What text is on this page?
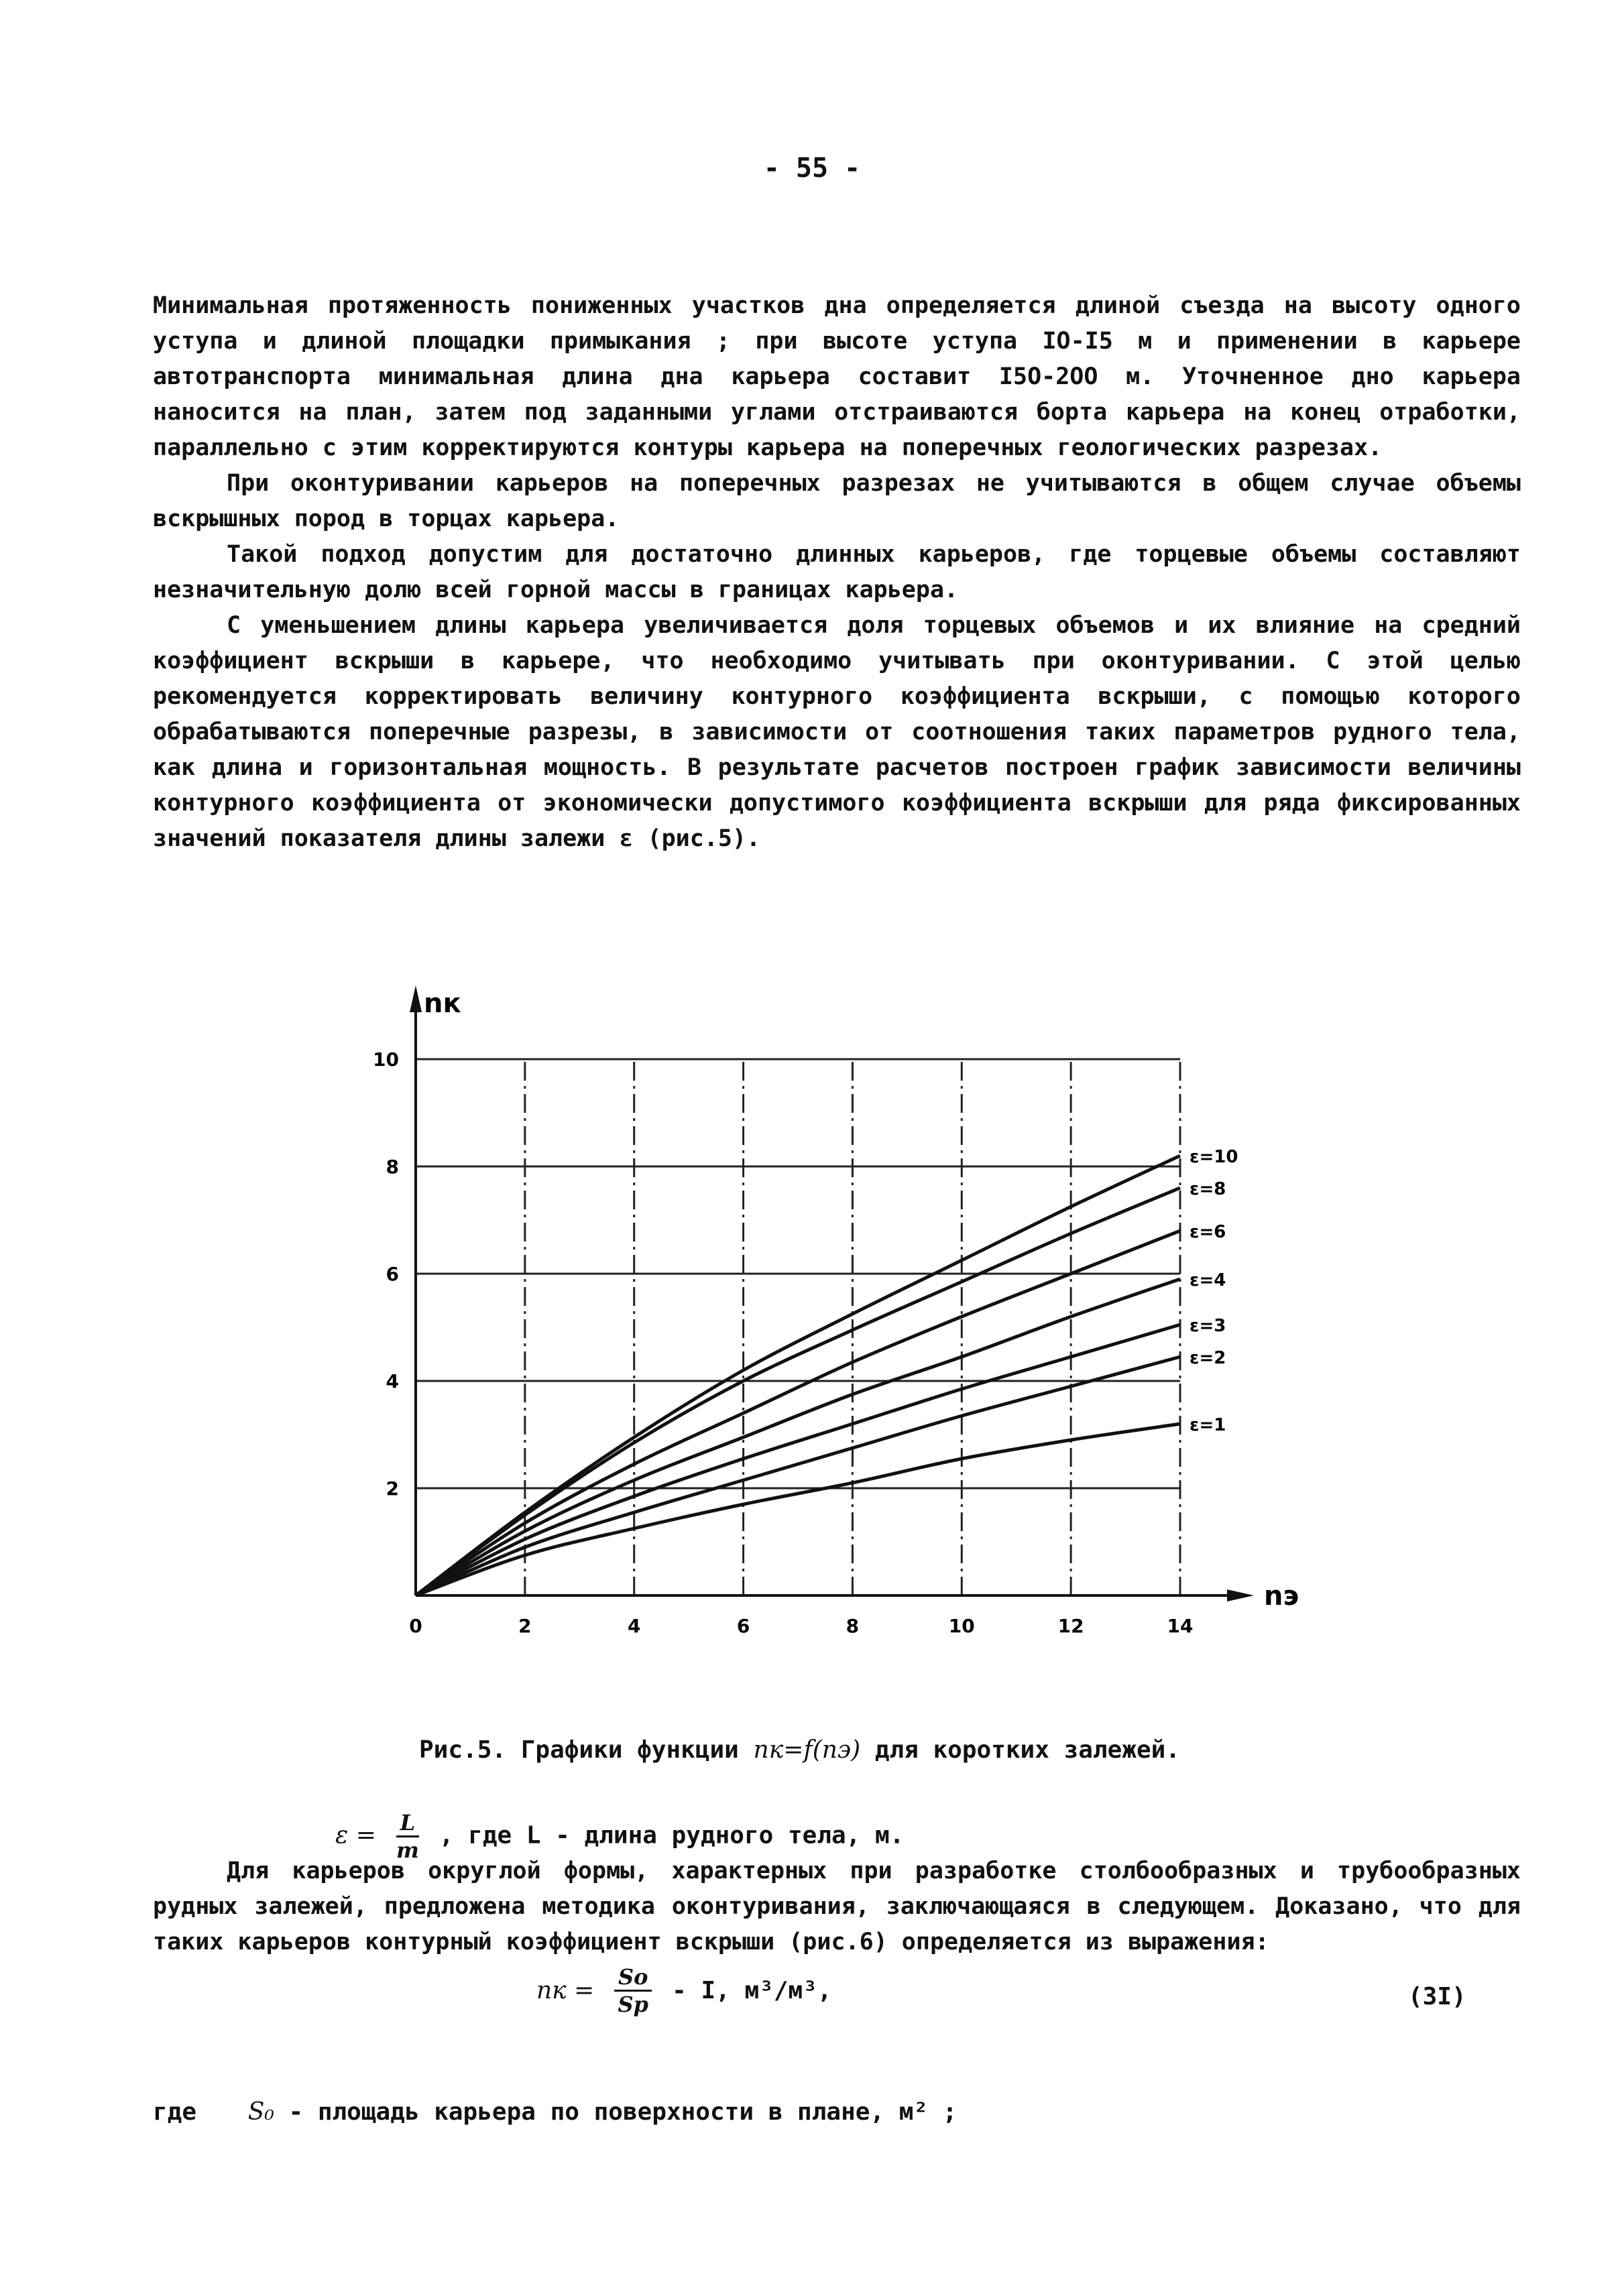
- 55 -

Минимальная протяженность пониженных участков дна определяется длиной съезда на высоту одного уступа и длиной площадки примыкания ; при высоте уступа IO-I5 м и применении в карьере автотранспорта минимальная длина дна карьера составит I5O-2OO м. Уточненное дно карьера наносится на план, затем под заданными углами отстраиваются борта карьера на конец отработки, параллельно с этим корректируются контуры карьера на поперечных геологических разрезах.

При оконтуривании карьеров на поперечных разрезах не учитываются в общем случае объемы вскрышных пород в торцах карьера.

Такой подход допустим для достаточно длинных карьеров, где торцевые объемы составляют незначительную долю всей горной массы в границах карьера.

С уменьшением длины карьера увеличивается доля торцевых объемов и их влияние на средний коэффициент вскрыши в карьере, что необходимо учитывать при оконтуривании. С этой целью рекомендуется корректировать величину контурного коэффициента вскрыши, с помощью которого обрабатываются поперечные разрезы, в зависимости от соотношения таких параметров рудного тела, как длина и горизонтальная мощность. В результате расчетов построен график зависимости величины контурного коэффициента от экономически допустимого коэффициента вскрыши для ряда фиксированных значений показателя длины залежи ε (рис.5).

0	2	4	6	8	10	12	14
2
4
6
8
10
nэ
nк
ε=10
ε=8
ε=6
ε=4
ε=3
ε=2
ε=1
Рис.5. Графики функции nк=f(nэ) для коротких залежей.
$\varepsilon = \frac{L}{m}$ , где L - длина рудного тела, м.

Для карьеров округлой формы, характерных при разработке столбообразных и трубообразных рудных залежей, предложена методика оконтуривания, заключающаяся в следующем. Доказано, что для таких карьеров контурный коэффициент вскрыши (рис.6) определяется из выражения:

nк = $\frac{Sо}{Sр}$ - I, м³/м³,	(3I)
где S₀ - площадь карьера по поверхности в плане, м² ;
